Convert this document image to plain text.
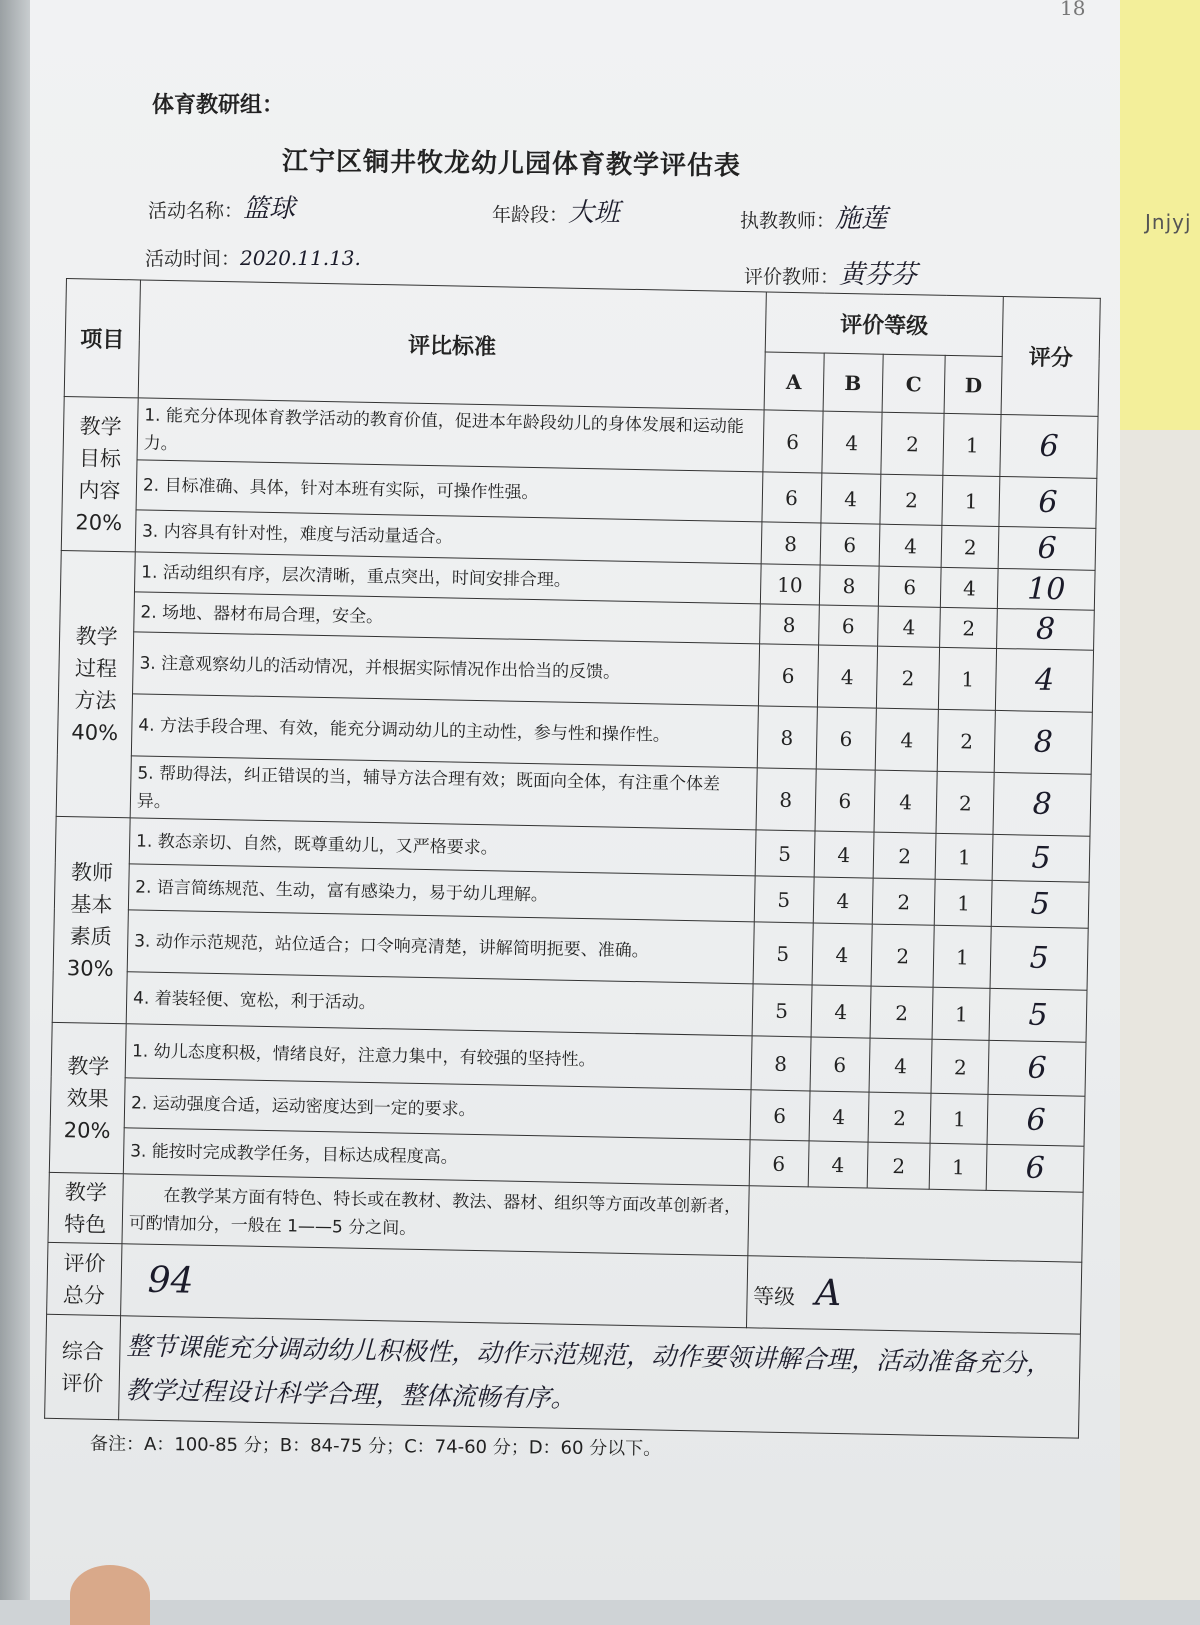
Jnjyj
18
体育教研组：
江宁区铜井牧龙幼儿园体育教学评估表
活动名称：篮球	年龄段：大班	执教教师：施莲
活动时间：2020.11.13.
评价教师：黄芬芬
项目	评比标准	评价等级				评分
		A	B	C	D	

教学
目标
内容
20%	1. 能充分体现体育教学活动的教育价值，促进本年龄段幼儿的身体发展和运动能力。	6	4	2	1	6
	2. 目标准确、具体，针对本班有实际，可操作性强。	6	4	2	1	6
	3. 内容具有针对性，难度与活动量适合。	8	6	4	2	6

教学
过程
方法
40%	1. 活动组织有序，层次清晰，重点突出，时间安排合理。	10	8	6	4	10
	2. 场地、器材布局合理，安全。	8	6	4	2	8
	3. 注意观察幼儿的活动情况，并根据实际情况作出恰当的反馈。	6	4	2	1	4
	4. 方法手段合理、有效，能充分调动幼儿的主动性，参与性和操作性。	8	6	4	2	8
	5. 帮助得法，纠正错误的当，辅导方法合理有效；既面向全体，有注重个体差异。	8	6	4	2	8

教师
基本
素质
30%	1. 教态亲切、自然，既尊重幼儿，又严格要求。	5	4	2	1	5
	2. 语言简练规范、生动，富有感染力，易于幼儿理解。	5	4	2	1	5
	3. 动作示范规范，站位适合；口令响亮清楚，讲解简明扼要、准确。	5	4	2	1	5
	4. 着装轻便、宽松，利于活动。	5	4	2	1	5

教学
效果
20%	1. 幼儿态度积极，情绪良好，注意力集中，有较强的坚持性。	8	6	4	2	6
	2. 运动强度合适，运动密度达到一定的要求。	6	4	2	1	6
	3. 能按时完成教学任务，目标达成程度高。	6	4	2	1	6

教学
特色	在教学某方面有特色、特长或在教材、教法、器材、组织等方面改革创新者，可酌情加分，一般在 1——5 分之间。					

评价
总分	94	等级 A				

综合
评价	整节课能充分调动幼儿积极性，动作示范规范，动作要领讲解合理，活动准备充分，教学过程设计科学合理，整体流畅有序。					
备注：A：100-85 分；B：84-75 分；C：74-60 分；D：60 分以下。
